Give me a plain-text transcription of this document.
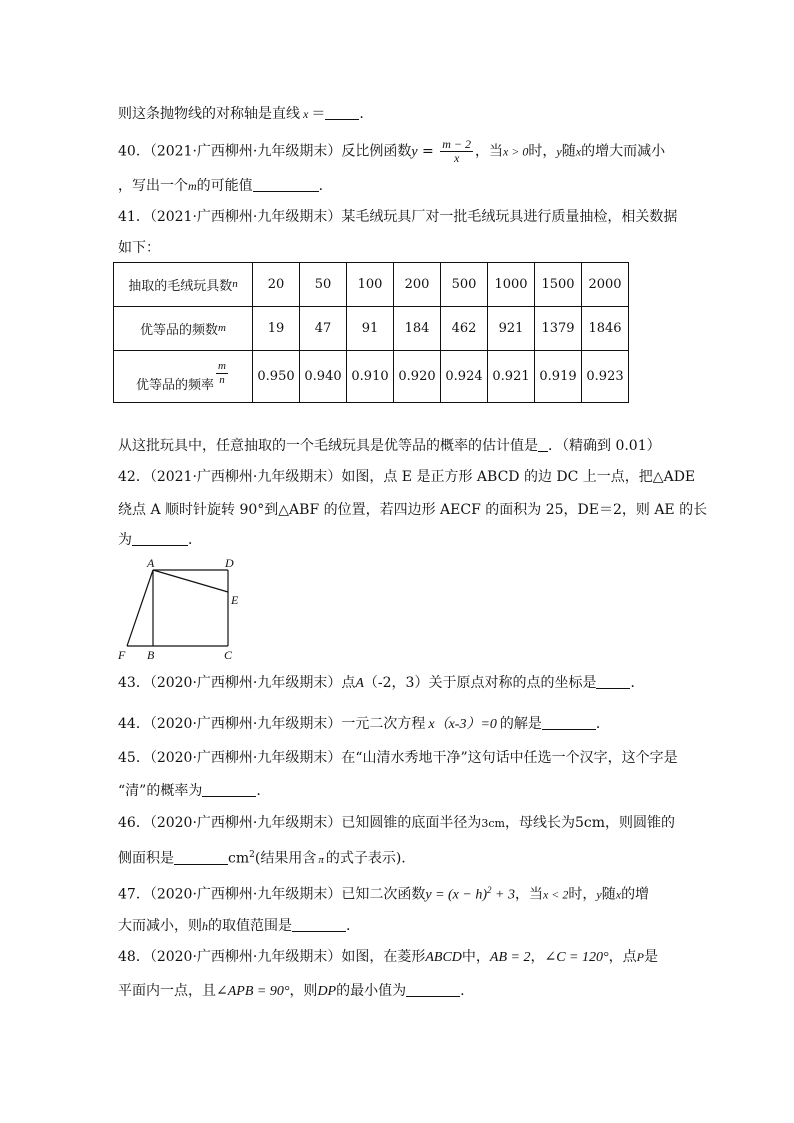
则这条抛物线的对称轴是直线 x ＝ .
40．（2021·广西柳州·九年级期末）反比例函数$y = \frac{m - 2}{x}$ ，当x > 0时，y随x的增大而减小
，写出一个m的可能值	.
41．（2021·广西柳州·九年级期末）某毛绒玩具厂对一批毛绒玩具进行质量抽检，相关数据
如下：
抽取的毛绒玩具数$^n$	20	50	100	200	500	1000	1500	2000
优等品的频数$^m$	19	47	91	184	462	921	1379	1846
优等品的频率 $\frac{m}{n}$	0.950	0.940	0.910	0.920	0.924	0.921	0.919	0.923
从这批玩具中，任意抽取的一个毛绒玩具是优等品的概率的估计值是 ．（精确到 0.01）
42．（2021·广西柳州·九年级期末）如图，点 E 是正方形 ABCD 的边 DC 上一点，把△ADE
绕点 A 顺时针旋转 90°到△ABF 的位置，若四边形 AECF 的面积为 25，DE＝2，则 AE 的长
为	．
A	D
E
F B	C
43．（2020·广西柳州·九年级期末）点A（-2，3）关于原点对称的点的坐标是 ．
44．（2020·广西柳州·九年级期末）一元二次方程 x（x-3）=0 的解是	．
45．（2020·广西柳州·九年级期末）在“山清水秀地干净”这句话中任选一个汉字，这个字是
“清”的概率为	.
46．（2020·广西柳州·九年级期末）已知圆锥的底面半径为3cm，母线长为5cm，则圆锥的
侧面积是	$cm^2$(结果用含 π 的式子表示).
47．（2020·广西柳州·九年级期末）已知二次函数$y = (x - h)^2 + 3$，当x < 2时，y随x的增
大而减小，则h的取值范围是	.
48．（2020·广西柳州·九年级期末）如图，在菱形ABCD中，AB = 2，∠C = 120°，点P是
平面内一点，且∠APB = 90°，则DP的最小值为	.
